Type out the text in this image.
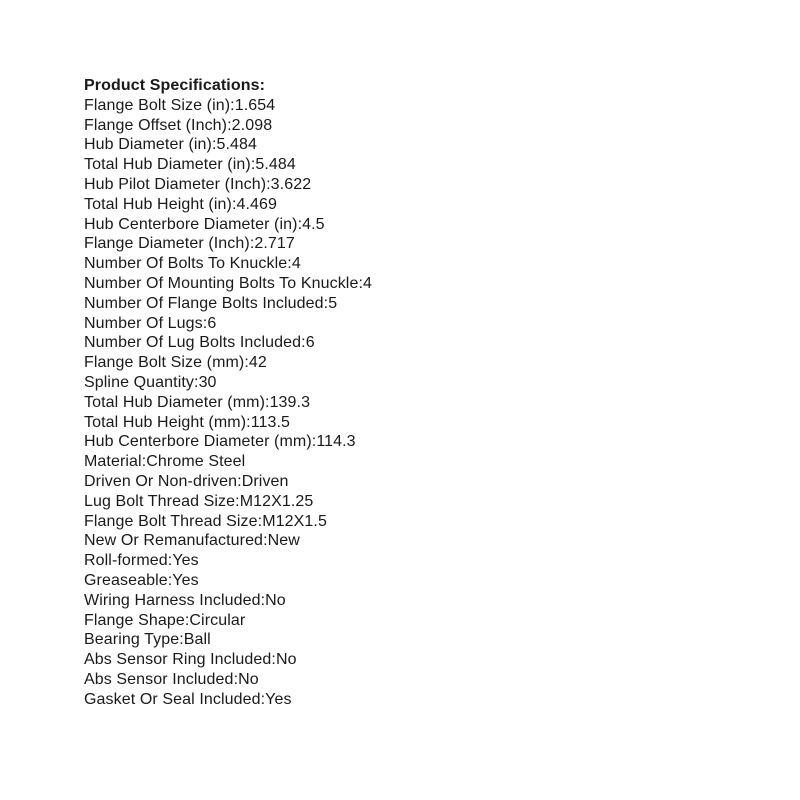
Product Specifications:
Flange Bolt Size (in):1.654
Flange Offset (Inch):2.098
Hub Diameter (in):5.484
Total Hub Diameter (in):5.484
Hub Pilot Diameter (Inch):3.622
Total Hub Height (in):4.469
Hub Centerbore Diameter (in):4.5
Flange Diameter (Inch):2.717
Number Of Bolts To Knuckle:4
Number Of Mounting Bolts To Knuckle:4
Number Of Flange Bolts Included:5
Number Of Lugs:6
Number Of Lug Bolts Included:6
Flange Bolt Size (mm):42
Spline Quantity:30
Total Hub Diameter (mm):139.3
Total Hub Height (mm):113.5
Hub Centerbore Diameter (mm):114.3
Material:Chrome Steel
Driven Or Non-driven:Driven
Lug Bolt Thread Size:M12X1.25
Flange Bolt Thread Size:M12X1.5
New Or Remanufactured:New
Roll-formed:Yes
Greaseable:Yes
Wiring Harness Included:No
Flange Shape:Circular
Bearing Type:Ball
Abs Sensor Ring Included:No
Abs Sensor Included:No
Gasket Or Seal Included:Yes
